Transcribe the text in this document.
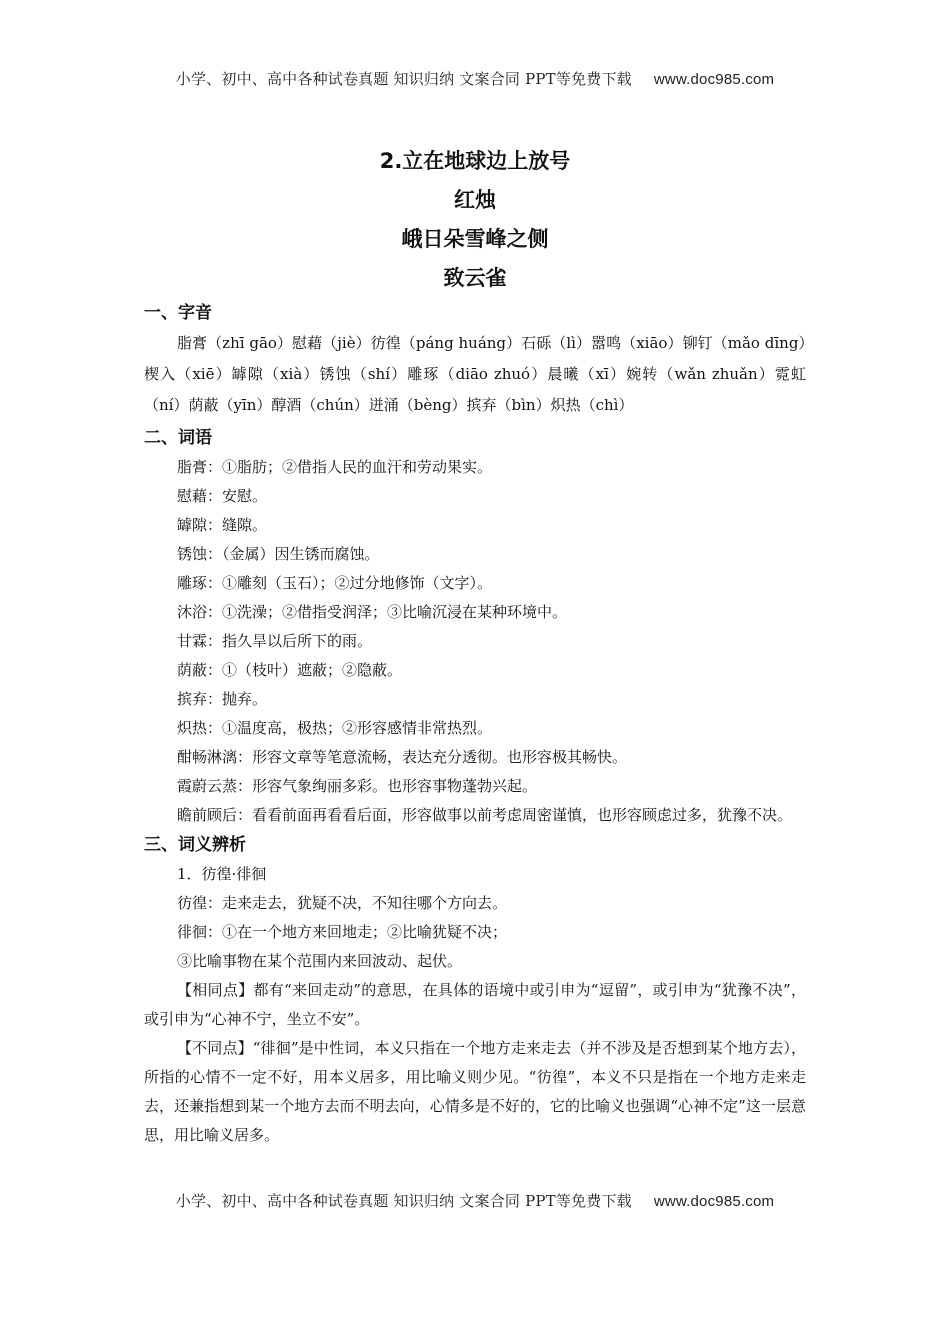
小学、初中、高中各种试卷真题 知识归纳 文案合同 PPT等免费下载 www.doc985.com
2.立在地球边上放号
红烛
峨日朵雪峰之侧
致云雀
一、字音
脂膏（zhī gāo）慰藉（jiè）彷徨（páng huáng）石砾（lì）嚣鸣（xiāo）铆钉（mǎo dīng）楔入（xiē）罅隙（xià）锈蚀（shí）雕琢（diāo zhuó）晨曦（xī）婉转（wǎn zhuǎn）霓虹（ní）荫蔽（yīn）醇酒（chún）迸涌（bèng）摈弃（bìn）炽热（chì）
二、词语
脂膏：①脂肪；②借指人民的血汗和劳动果实。
慰藉：安慰。
罅隙：缝隙。
锈蚀：（金属）因生锈而腐蚀。
雕琢：①雕刻（玉石）；②过分地修饰（文字）。
沐浴：①洗澡；②借指受润泽；③比喻沉浸在某种环境中。
甘霖：指久旱以后所下的雨。
荫蔽：①（枝叶）遮蔽；②隐蔽。
摈弃：抛弃。
炽热：①温度高，极热；②形容感情非常热烈。
酣畅淋漓：形容文章等笔意流畅，表达充分透彻。也形容极其畅快。
霞蔚云蒸：形容气象绚丽多彩。也形容事物蓬勃兴起。
瞻前顾后：看看前面再看看后面，形容做事以前考虑周密谨慎，也形容顾虑过多，犹豫不决。
三、词义辨析
1．彷徨·徘徊
彷徨：走来走去，犹疑不决，不知往哪个方向去。
徘徊：①在一个地方来回地走；②比喻犹疑不决；
③比喻事物在某个范围内来回波动、起伏。
【相同点】都有“来回走动”的意思，在具体的语境中或引申为“逗留”，或引申为“犹豫不决”，或引申为“心神不宁，坐立不安”。
【不同点】“徘徊”是中性词，本义只指在一个地方走来走去（并不涉及是否想到某个地方去），所指的心情不一定不好，用本义居多，用比喻义则少见。“彷徨”，本义不只是指在一个地方走来走去，还兼指想到某一个地方去而不明去向，心情多是不好的，它的比喻义也强调“心神不定”这一层意思，用比喻义居多。
小学、初中、高中各种试卷真题 知识归纳 文案合同 PPT等免费下载 www.doc985.com
